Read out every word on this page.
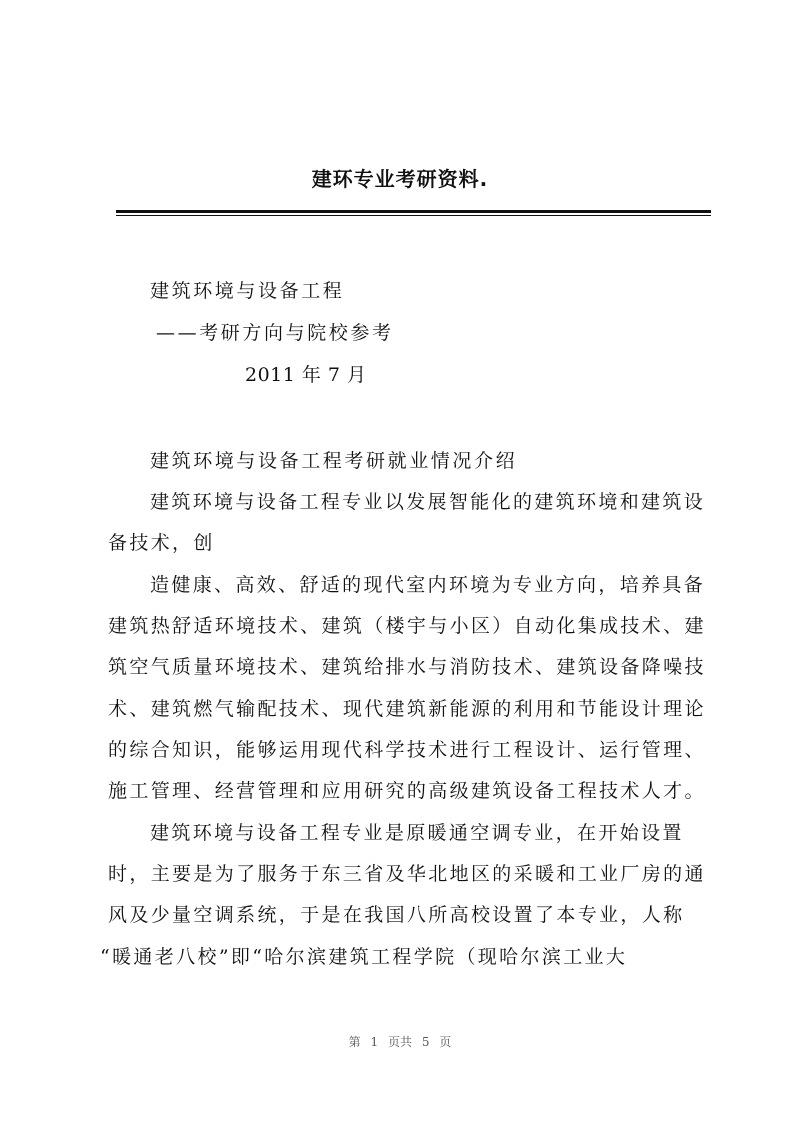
建环专业考研资料.
建筑环境与设备工程
——考研方向与院校参考
2011 年 7 月
建筑环境与设备工程考研就业情况介绍
建筑环境与设备工程专业以发展智能化的建筑环境和建筑设
备技术，创
造健康、高效、舒适的现代室内环境为专业方向，培养具备
建筑热舒适环境技术、建筑（楼宇与小区）自动化集成技术、建
筑空气质量环境技术、建筑给排水与消防技术、建筑设备降噪技
术、建筑燃气输配技术、现代建筑新能源的利用和节能设计理论
的综合知识，能够运用现代科学技术进行工程设计、运行管理、
施工管理、经营管理和应用研究的高级建筑设备工程技术人才。
建筑环境与设备工程专业是原暖通空调专业，在开始设置
时，主要是为了服务于东三省及华北地区的采暖和工业厂房的通
风及少量空调系统，于是在我国八所高校设置了本专业，人称
“暖通老八校”即“哈尔滨建筑工程学院（现哈尔滨工业大
第 1 页共 5 页
